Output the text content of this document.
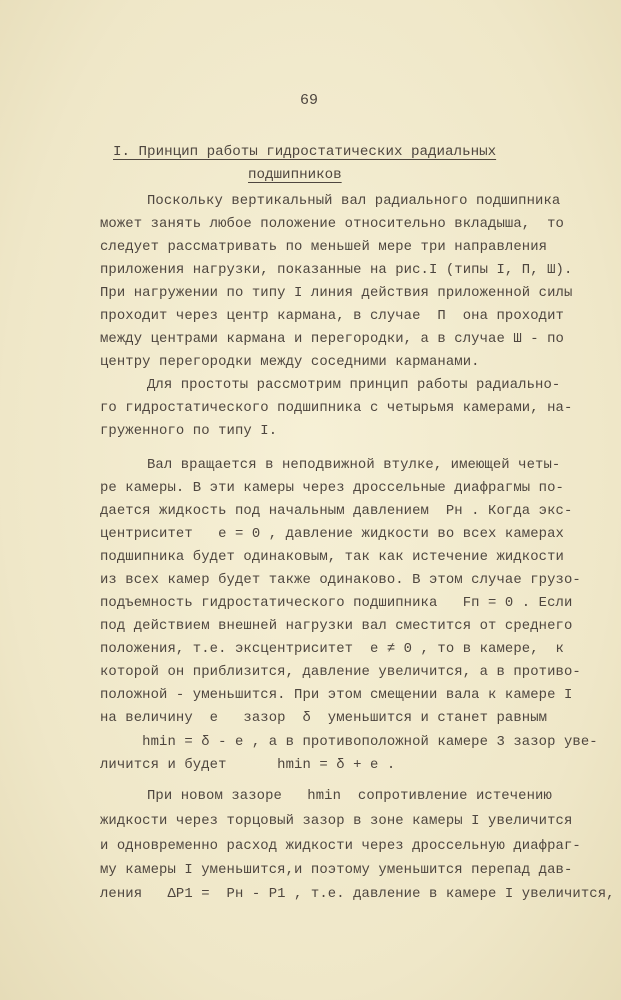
69
I. Принцип работы гидростатических радиальных
подшипников
Поскольку вертикальный вал радиального подшипника
может занять любое положение относительно вкладыша,  то
следует рассматривать по меньшей мере три направления
приложения нагрузки, показанные на рис.I (типы I, П, Ш).
При нагружении по типу I линия действия приложенной силы
проходит через центр кармана, в случае  П  она проходит
между центрами кармана и перегородки, а в случае Ш - по
центру перегородки между соседними карманами.
Для простоты рассмотрим принцип работы радиально-
го гидростатического подшипника с четырьмя камерами, на-
груженного по типу I.
Вал вращается в неподвижной втулке, имеющей четы-
ре камеры. В эти камеры через дроссельные диафрагмы по-
дается жидкость под начальным давлением  Pн . Когда экс-
центриситет   e = 0 , давление жидкости во всех камерах
подшипника будет одинаковым, так как истечение жидкости
из всех камер будет также одинаково. В этом случае грузо-
подъемность гидростатического подшипника   Fп = 0 . Если
под действием внешней нагрузки вал сместится от среднего
положения, т.е. эксцентриситет  e ≠ 0 , то в камере,  к
которой он приблизится, давление увеличится, а в противо-
положной - уменьшится. При этом смещении вала к камере I
на величину  e   зазор  δ  уменьшится и станет равным
hmin = δ - e , а в противоположной камере 3 зазор уве-
личится и будет      hmin = δ + e .
При новом зазоре   hmin  сопротивление истечению
жидкости через торцовый зазор в зоне камеры I увеличится
и одновременно расход жидкости через дроссельную диафраг-
му камеры I уменьшится,и поэтому уменьшится перепад дав-
ления   ΔP1 =  Pн - P1 , т.е. давление в камере I увеличится,
